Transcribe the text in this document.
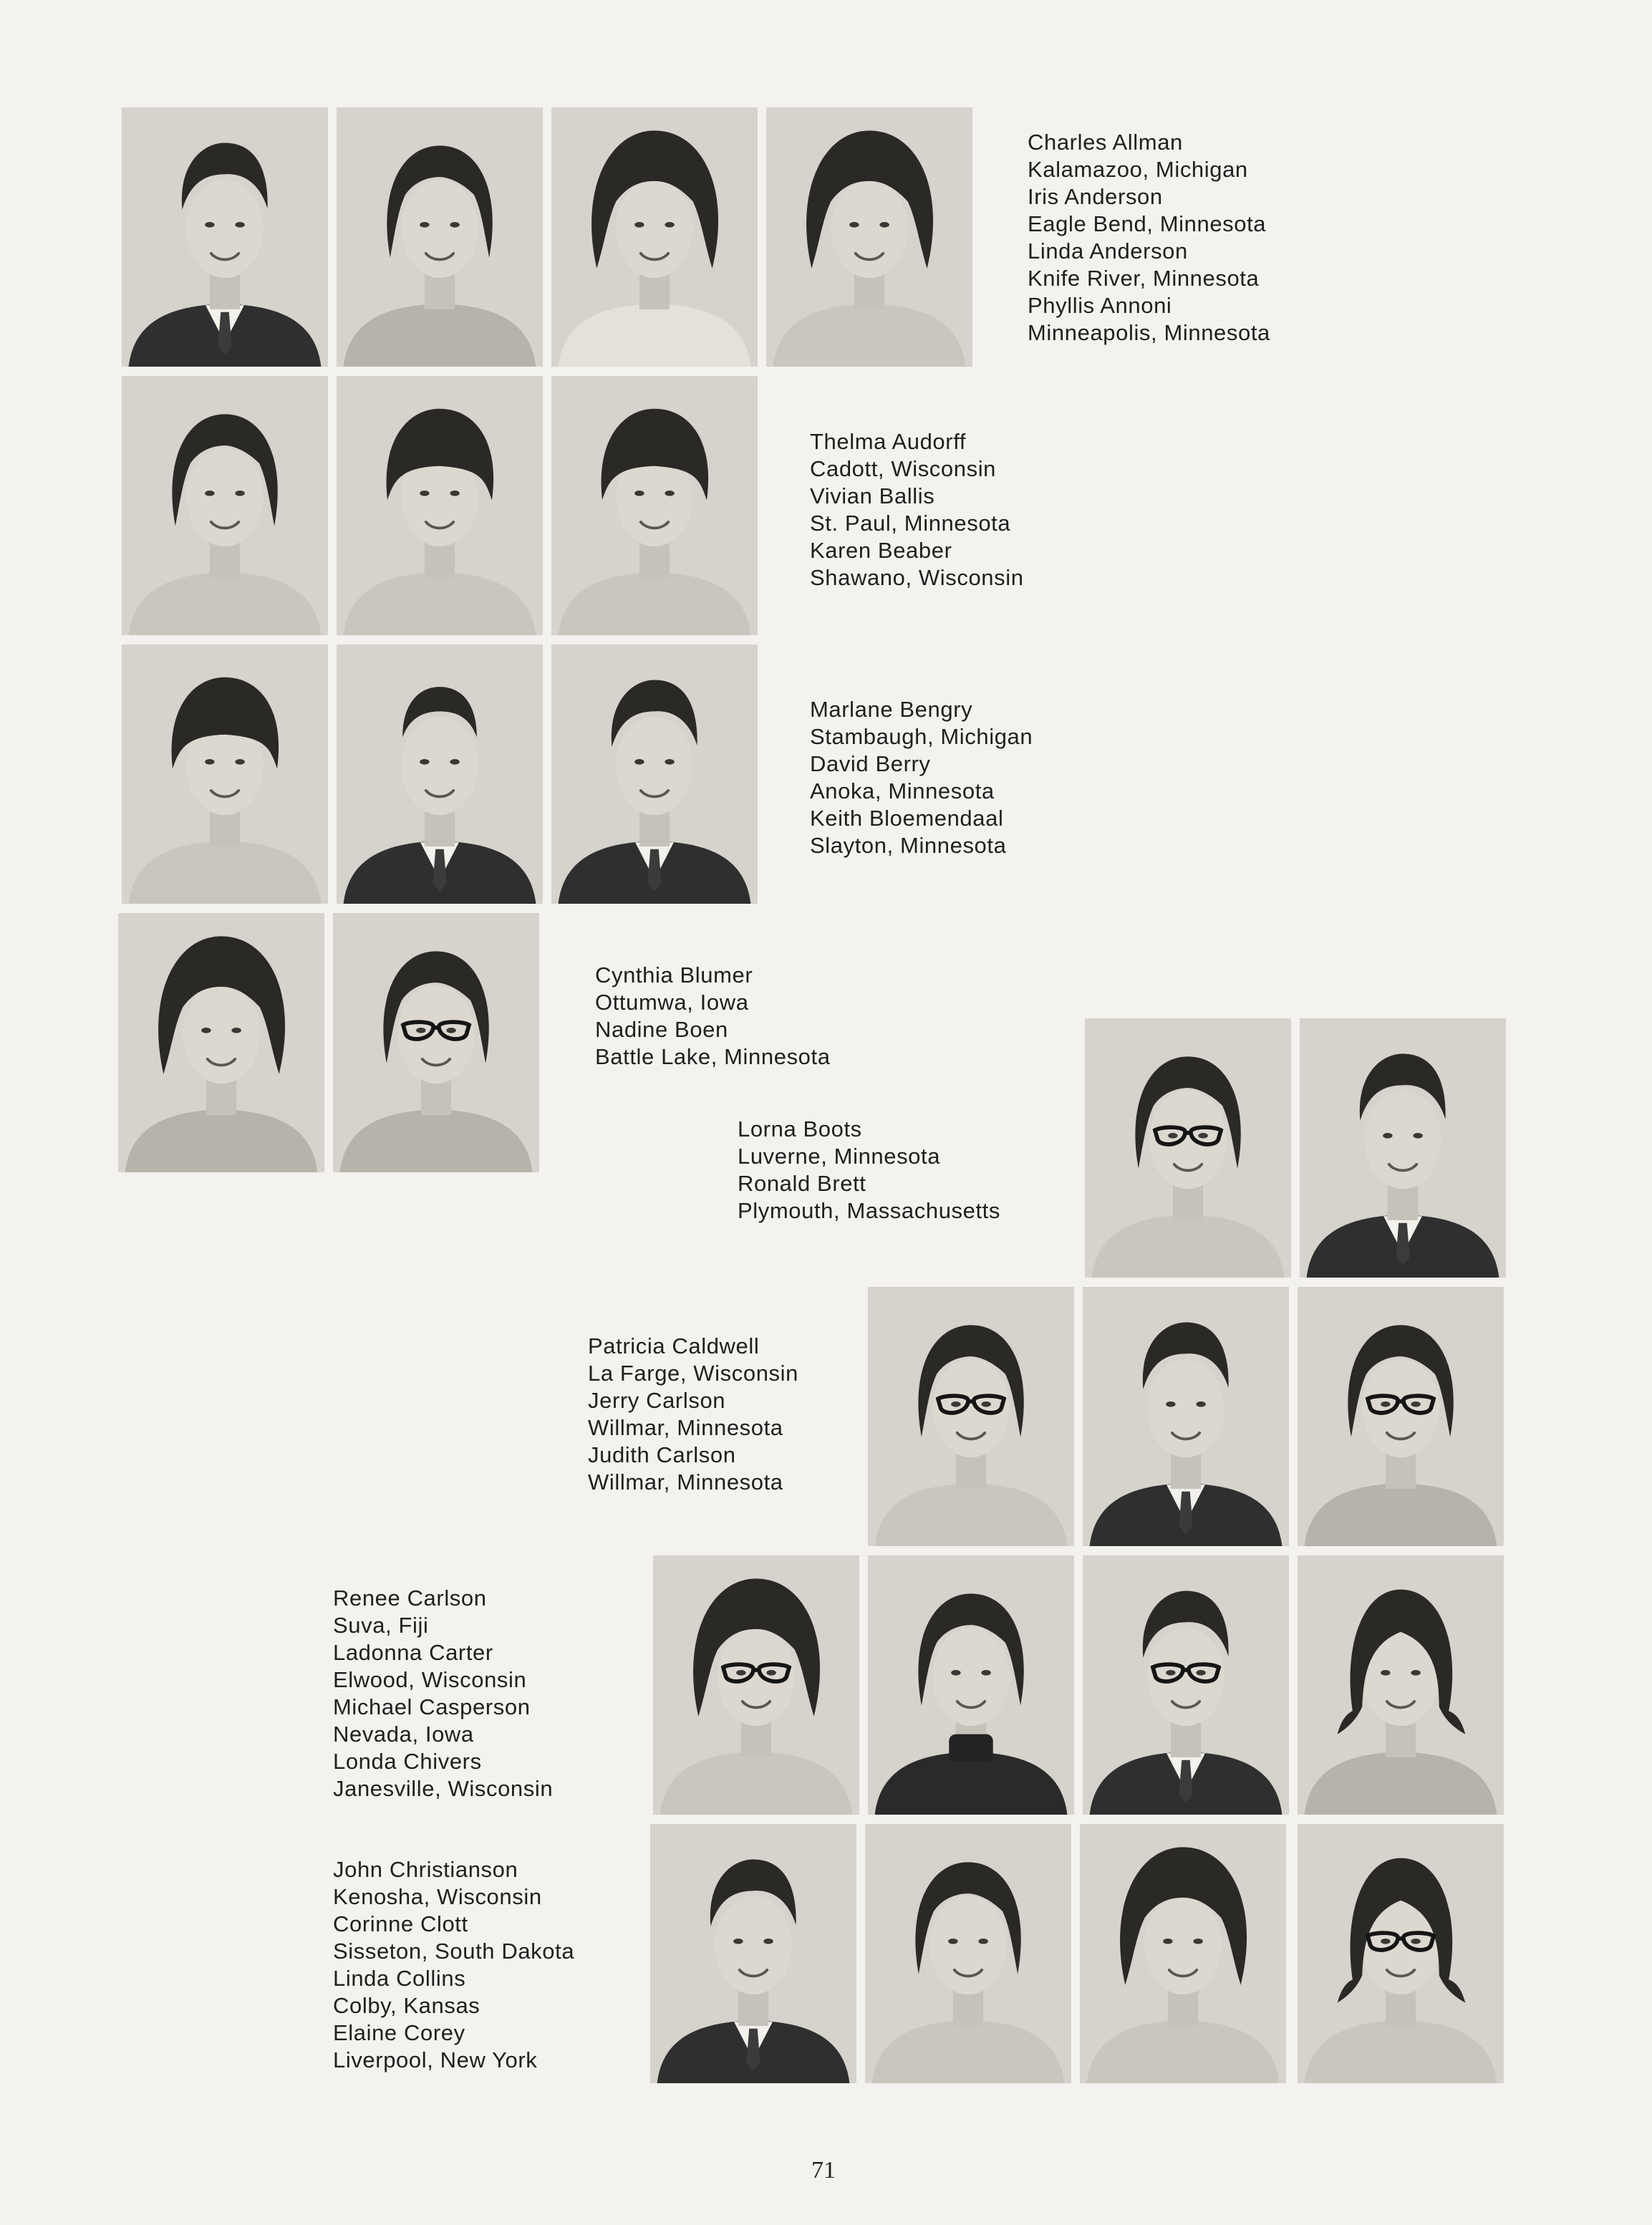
Charles Allman
Kalamazoo, Michigan
Iris Anderson
Eagle Bend, Minnesota
Linda Anderson
Knife River, Minnesota
Phyllis Annoni
Minneapolis, Minnesota
Thelma Audorff
Cadott, Wisconsin
Vivian Ballis
St. Paul, Minnesota
Karen Beaber
Shawano, Wisconsin
Marlane Bengry
Stambaugh, Michigan
David Berry
Anoka, Minnesota
Keith Bloemendaal
Slayton, Minnesota
Cynthia Blumer
Ottumwa, Iowa
Nadine Boen
Battle Lake, Minnesota
Lorna Boots
Luverne, Minnesota
Ronald Brett
Plymouth, Massachusetts
Patricia Caldwell
La Farge, Wisconsin
Jerry Carlson
Willmar, Minnesota
Judith Carlson
Willmar, Minnesota
Renee Carlson
Suva, Fiji
Ladonna Carter
Elwood, Wisconsin
Michael Casperson
Nevada, Iowa
Londa Chivers
Janesville, Wisconsin
John Christianson
Kenosha, Wisconsin
Corinne Clott
Sisseton, South Dakota
Linda Collins
Colby, Kansas
Elaine Corey
Liverpool, New York
71
